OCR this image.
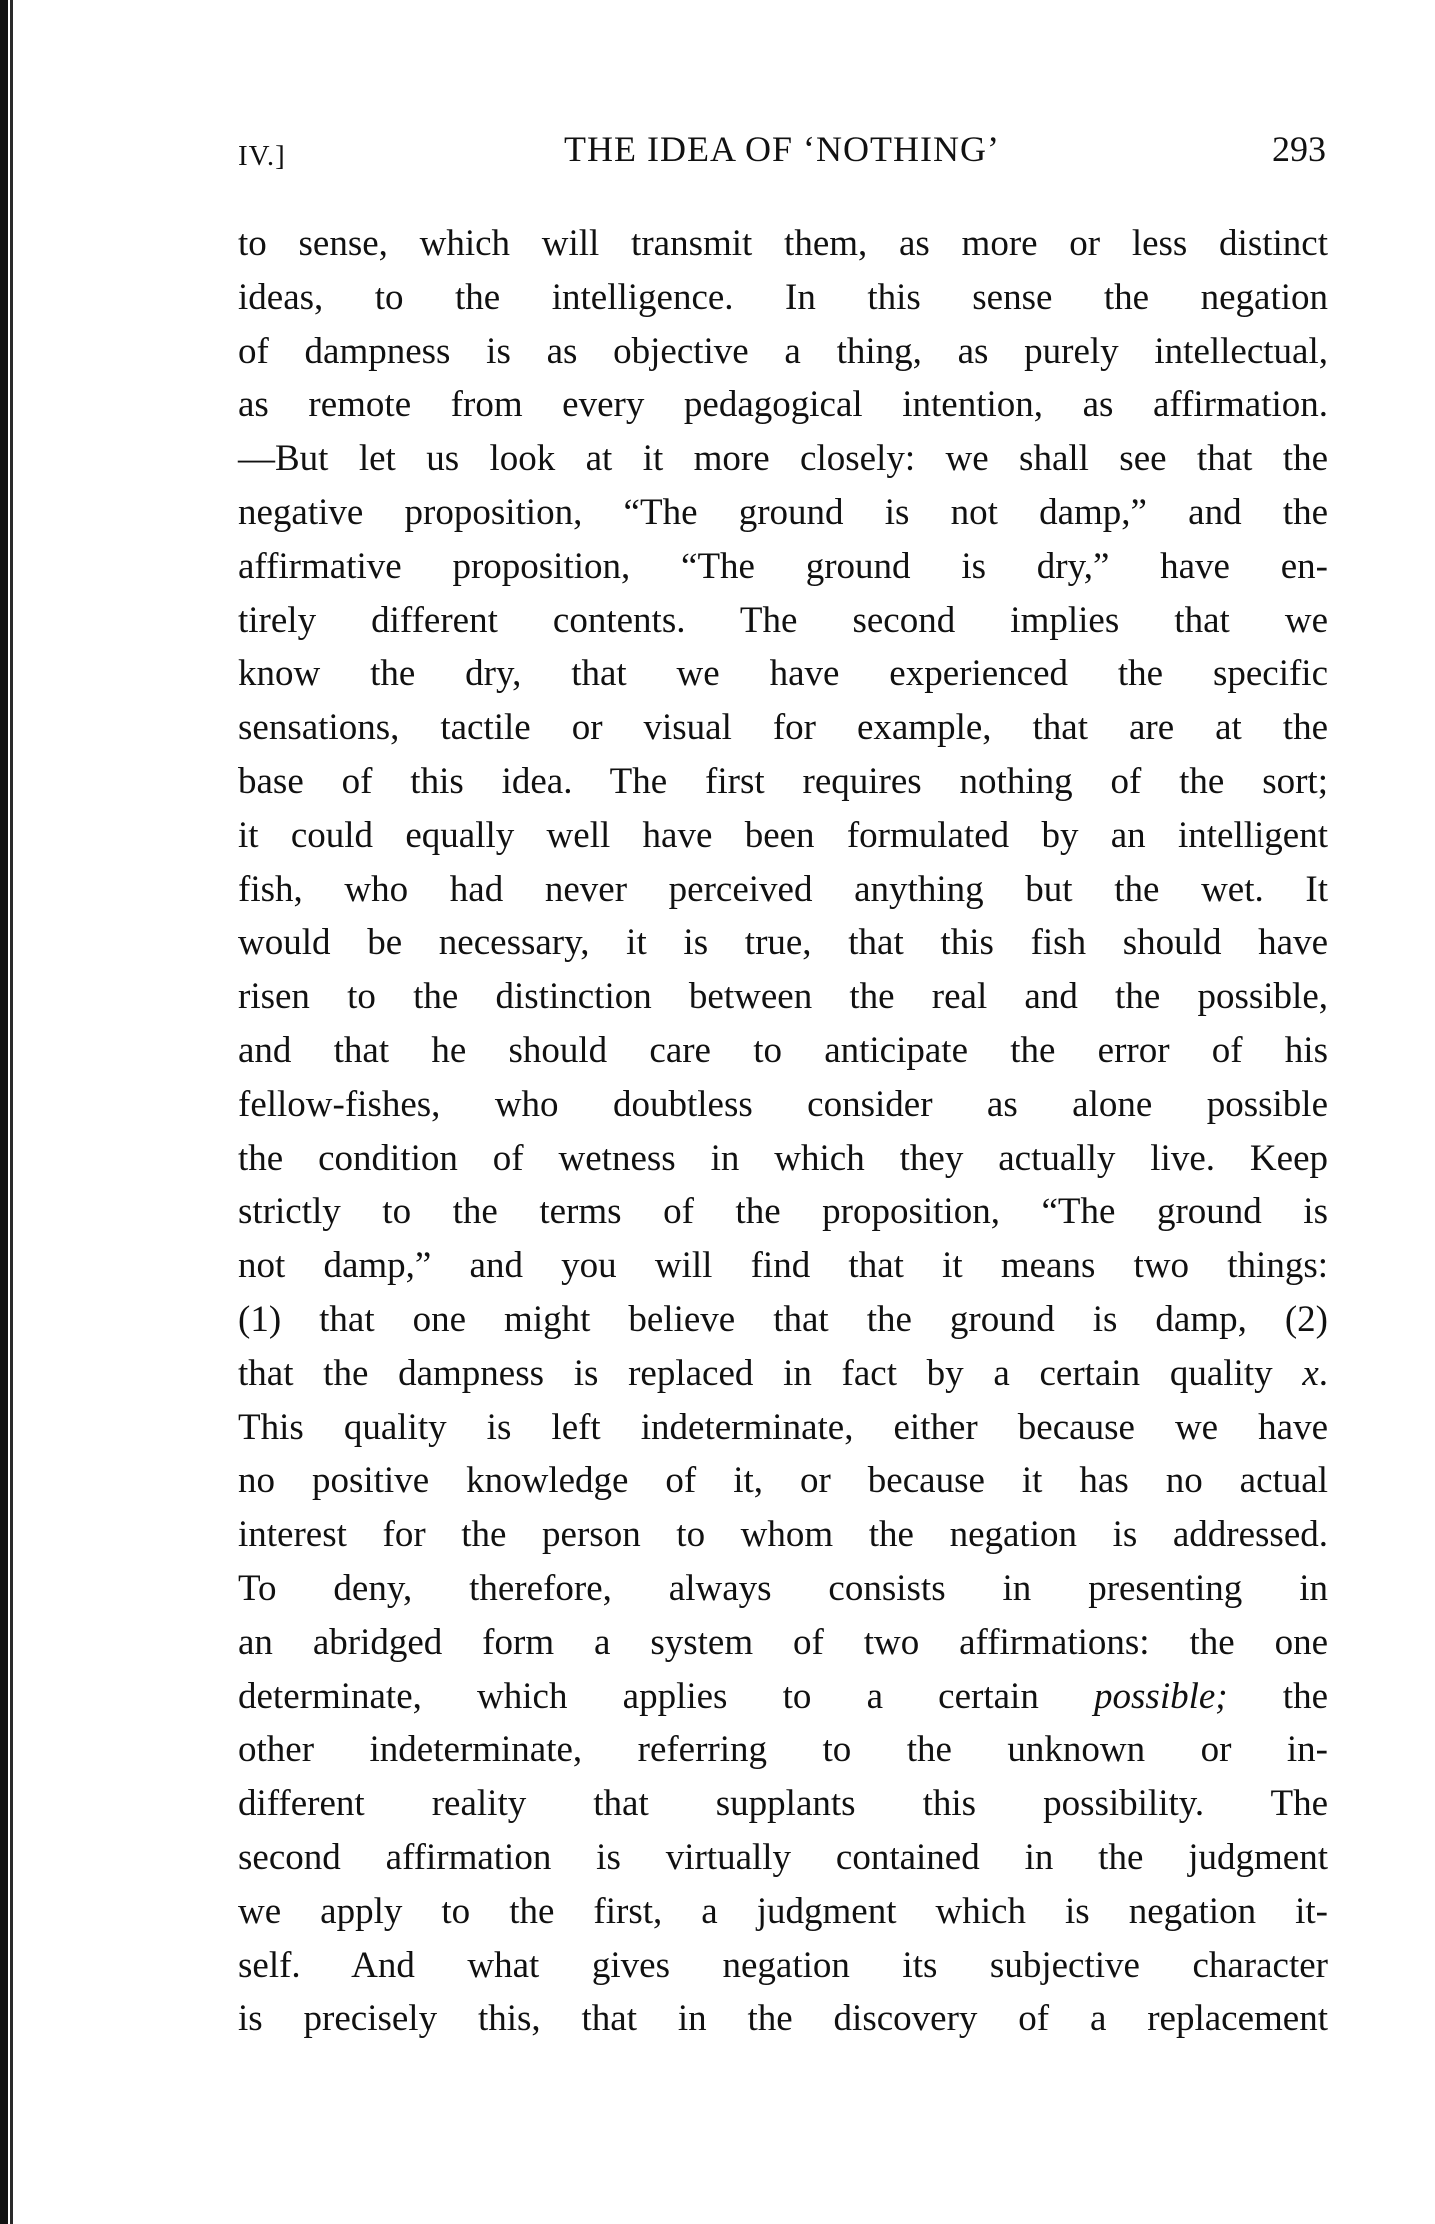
IV.]	THE IDEA OF ‘NOTHING’	293
to sense, which will transmit them, as more or less distinct
ideas, to the intelligence. In this sense the negation
of dampness is as objective a thing, as purely intellectual,
as remote from every pedagogical intention, as affirmation.
—But let us look at it more closely: we shall see that the
negative proposition, “The ground is not damp,” and the
affirmative proposition, “The ground is dry,” have en-
tirely different contents. The second implies that we
know the dry, that we have experienced the specific
sensations, tactile or visual for example, that are at the
base of this idea. The first requires nothing of the sort;
it could equally well have been formulated by an intelligent
fish, who had never perceived anything but the wet. It
would be necessary, it is true, that this fish should have
risen to the distinction between the real and the possible,
and that he should care to anticipate the error of his
fellow-fishes, who doubtless consider as alone possible
the condition of wetness in which they actually live. Keep
strictly to the terms of the proposition, “The ground is
not damp,” and you will find that it means two things:
(1) that one might believe that the ground is damp, (2)
that the dampness is replaced in fact by a certain quality x.
This quality is left indeterminate, either because we have
no positive knowledge of it, or because it has no actual
interest for the person to whom the negation is addressed.
To deny, therefore, always consists in presenting in
an abridged form a system of two affirmations: the one
determinate, which applies to a certain possible; the
other indeterminate, referring to the unknown or in-
different reality that supplants this possibility. The
second affirmation is virtually contained in the judgment
we apply to the first, a judgment which is negation it-
self. And what gives negation its subjective character
is precisely this, that in the discovery of a replacement
